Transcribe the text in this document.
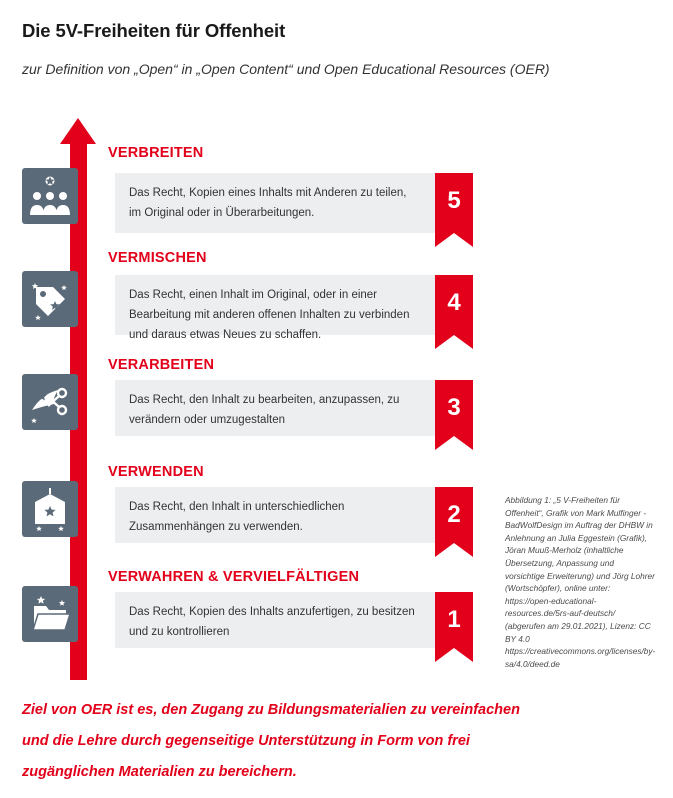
Die 5V-Freiheiten für Offenheit
zur Definition von „Open“ in „Open Content“ und Open Educational Resources (OER)
VERBREITEN
Das Recht, Kopien eines Inhalts mit Anderen zu teilen, im Original oder in Überarbeitungen.	5
VERMISCHEN
Das Recht, einen Inhalt im Original, oder in einer Bearbeitung mit anderen offenen Inhalten zu verbinden und daraus etwas Neues zu schaffen.
4
VERARBEITEN
Das Recht, den Inhalt zu bearbeiten, anzupassen, zu verändern oder umzugestalten	3
VERWENDEN
Das Recht, den Inhalt in unterschiedlichen Zusammenhängen zu verwenden.	2
VERWAHREN & VERVIELFÄLTIGEN
Das Recht, Kopien des Inhalts anzufertigen, zu besitzen und zu kontrollieren	1
Abbildung 1: „5 V-Freiheiten für Offenheit“, Grafik von Mark Mulfinger - BadWolfDesign im Auftrag der DHBW in Anlehnung an Julia Eggestein (Grafik), Jöran Muuß-Merholz (inhaltliche Übersetzung, Anpassung und vorsichtige Erweiterung) und Jörg Lohrer (Wortschöpfer), online unter: https://open-educational-resources.de/5rs-auf-deutsch/ (abgerufen am 29.01.2021), Lizenz: CC BY 4.0 https://creativecommons.org/licenses/by-sa/4.0/deed.de
Ziel von OER ist es, den Zugang zu Bildungsmaterialien zu vereinfachen und die Lehre durch gegenseitige Unterstützung in Form von frei zugänglichen Materialien zu bereichern.
